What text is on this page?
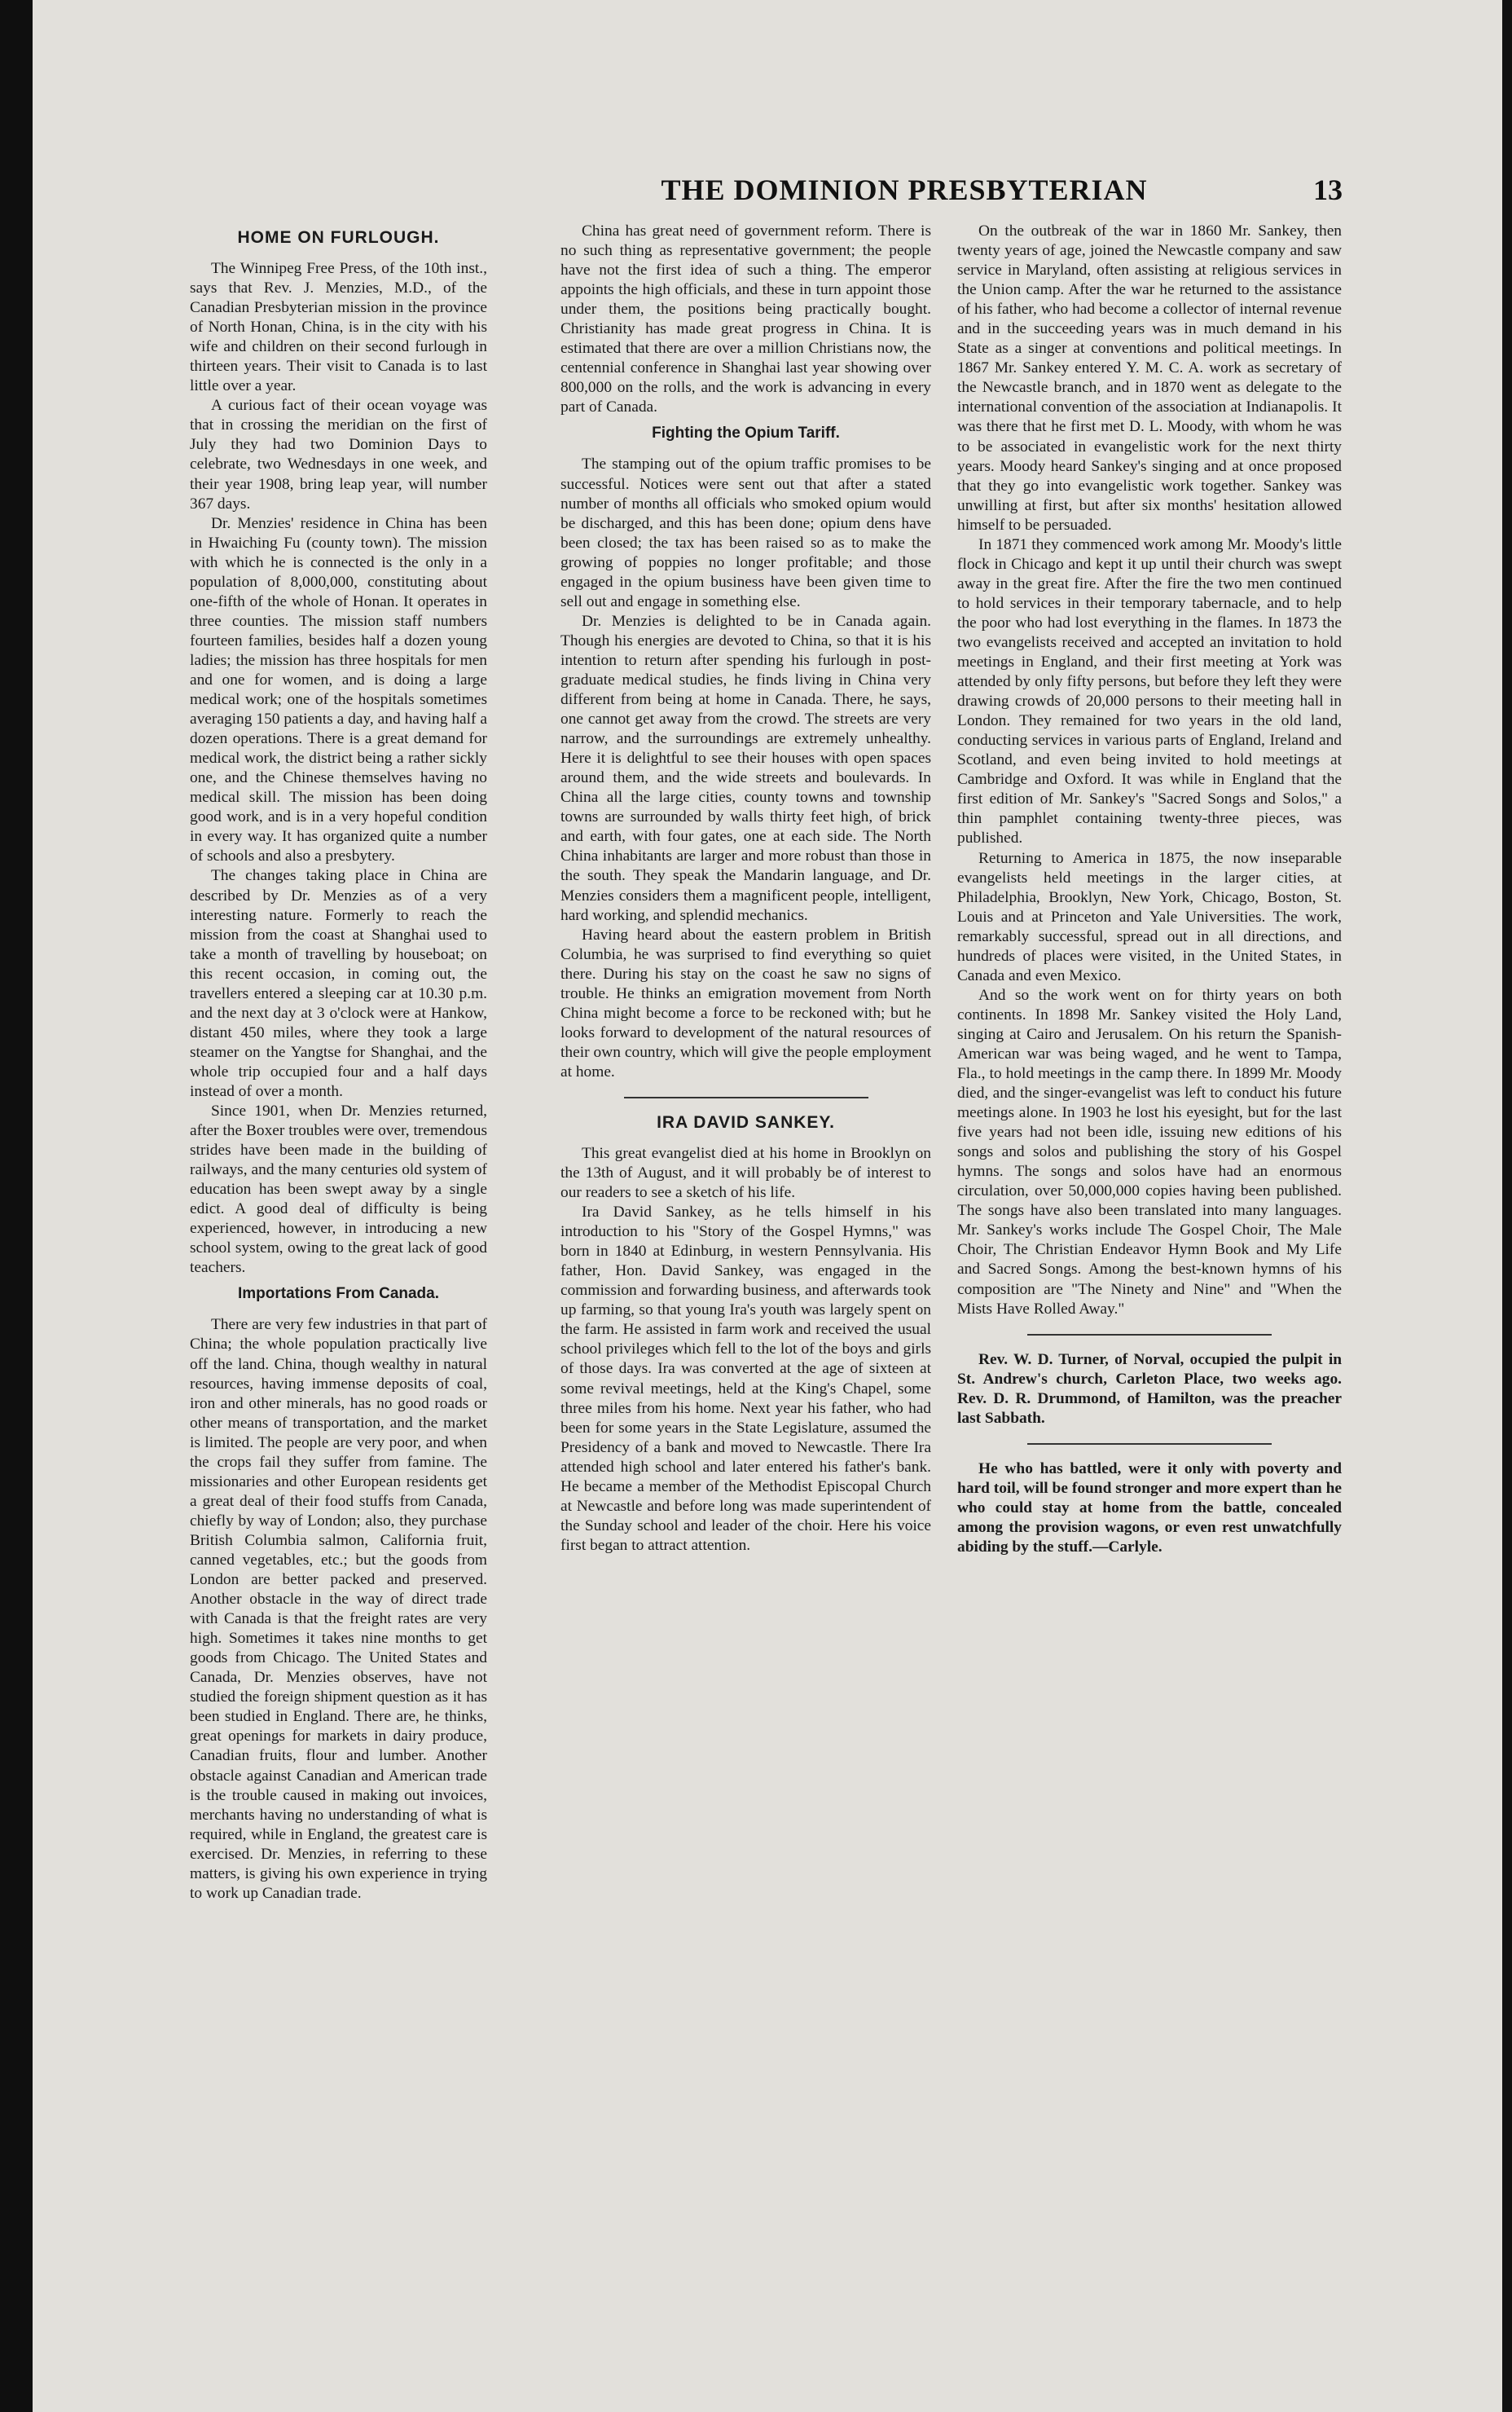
THE DOMINION PRESBYTERIAN	13

HOME ON FURLOUGH.

The Winnipeg Free Press, of the 10th inst., says that Rev. J. Menzies, M.D., of the Canadian Presbyterian mission in the province of North Honan, China, is in the city with his wife and children on their second furlough in thirteen years. Their visit to Canada is to last little over a year.

A curious fact of their ocean voyage was that in crossing the meridian on the first of July they had two Dominion Days to celebrate, two Wednesdays in one week, and their year 1908, bring leap year, will number 367 days.

Dr. Menzies' residence in China has been in Hwaiching Fu (county town). The mission with which he is connected is the only in a population of 8,000,000, constituting about one-fifth of the whole of Honan. It operates in three counties. The mission staff numbers fourteen families, besides half a dozen young ladies; the mission has three hospitals for men and one for women, and is doing a large medical work; one of the hospitals sometimes averaging 150 patients a day, and having half a dozen operations. There is a great demand for medical work, the district being a rather sickly one, and the Chinese themselves having no medical skill. The mission has been doing good work, and is in a very hopeful condition in every way. It has organized quite a number of schools and also a presbytery.

The changes taking place in China are described by Dr. Menzies as of a very interesting nature. Formerly to reach the mission from the coast at Shanghai used to take a month of travelling by houseboat; on this recent occasion, in coming out, the travellers entered a sleeping car at 10.30 p.m. and the next day at 3 o'clock were at Hankow, distant 450 miles, where they took a large steamer on the Yangtse for Shanghai, and the whole trip occupied four and a half days instead of over a month.

Since 1901, when Dr. Menzies returned, after the Boxer troubles were over, tremendous strides have been made in the building of railways, and the many centuries old system of education has been swept away by a single edict. A good deal of difficulty is being experienced, however, in introducing a new school system, owing to the great lack of good teachers.

Importations From Canada.

There are very few industries in that part of China; the whole population practically live off the land. China, though wealthy in natural resources, having immense deposits of coal, iron and other minerals, has no good roads or other means of transportation, and the market is limited. The people are very poor, and when the crops fail they suffer from famine. The missionaries and other European residents get a great deal of their food stuffs from Canada, chiefly by way of London; also, they purchase British Columbia salmon, California fruit, canned vegetables, etc.; but the goods from London are better packed and preserved. Another obstacle in the way of direct trade with Canada is that the freight rates are very high. Sometimes it takes nine months to get goods from Chicago. The United States and Canada, Dr. Menzies observes, have not studied the foreign shipment question as it has been studied in England. There are, he thinks, great openings for markets in dairy produce, Canadian fruits, flour and lumber. Another obstacle against Canadian and American trade is the trouble caused in making out invoices, merchants having no understanding of what is required, while in England, the greatest care is exercised. Dr. Menzies, in referring to these matters, is giving his own experience in trying to work up Canadian trade.

China has great need of government reform. There is no such thing as representative government; the people have not the first idea of such a thing. The emperor appoints the high officials, and these in turn appoint those under them, the positions being practically bought. Christianity has made great progress in China. It is estimated that there are over a million Christians now, the centennial conference in Shanghai last year showing over 800,000 on the rolls, and the work is advancing in every part of Canada.

Fighting the Opium Tariff.

The stamping out of the opium traffic promises to be successful. Notices were sent out that after a stated number of months all officials who smoked opium would be discharged, and this has been done; opium dens have been closed; the tax has been raised so as to make the growing of poppies no longer profitable; and those engaged in the opium business have been given time to sell out and engage in something else.

Dr. Menzies is delighted to be in Canada again. Though his energies are devoted to China, so that it is his intention to return after spending his furlough in post-graduate medical studies, he finds living in China very different from being at home in Canada. There, he says, one cannot get away from the crowd. The streets are very narrow, and the surroundings are extremely unhealthy. Here it is delightful to see their houses with open spaces around them, and the wide streets and boulevards. In China all the large cities, county towns and township towns are surrounded by walls thirty feet high, of brick and earth, with four gates, one at each side. The North China inhabitants are larger and more robust than those in the south. They speak the Mandarin language, and Dr. Menzies considers them a magnificent people, intelligent, hard working, and splendid mechanics.

Having heard about the eastern problem in British Columbia, he was surprised to find everything so quiet there. During his stay on the coast he saw no signs of trouble. He thinks an emigration movement from North China might become a force to be reckoned with; but he looks forward to development of the natural resources of their own country, which will give the people employment at home.

IRA DAVID SANKEY.

This great evangelist died at his home in Brooklyn on the 13th of August, and it will probably be of interest to our readers to see a sketch of his life.

Ira David Sankey, as he tells himself in his introduction to his "Story of the Gospel Hymns," was born in 1840 at Edinburg, in western Pennsylvania. His father, Hon. David Sankey, was engaged in the commission and forwarding business, and afterwards took up farming, so that young Ira's youth was largely spent on the farm. He assisted in farm work and received the usual school privileges which fell to the lot of the boys and girls of those days. Ira was converted at the age of sixteen at some revival meetings, held at the King's Chapel, some three miles from his home. Next year his father, who had been for some years in the State Legislature, assumed the Presidency of a bank and moved to Newcastle. There Ira attended high school and later entered his father's bank. He became a member of the Methodist Episcopal Church at Newcastle and before long was made superintendent of the Sunday school and leader of the choir. Here his voice first began to attract attention.

On the outbreak of the war in 1860 Mr. Sankey, then twenty years of age, joined the Newcastle company and saw service in Maryland, often assisting at religious services in the Union camp. After the war he returned to the assistance of his father, who had become a collector of internal revenue and in the succeeding years was in much demand in his State as a singer at conventions and political meetings. In 1867 Mr. Sankey entered Y. M. C. A. work as secretary of the Newcastle branch, and in 1870 went as delegate to the international convention of the association at Indianapolis. It was there that he first met D. L. Moody, with whom he was to be associated in evangelistic work for the next thirty years. Moody heard Sankey's singing and at once proposed that they go into evangelistic work together. Sankey was unwilling at first, but after six months' hesitation allowed himself to be persuaded.

In 1871 they commenced work among Mr. Moody's little flock in Chicago and kept it up until their church was swept away in the great fire. After the fire the two men continued to hold services in their temporary tabernacle, and to help the poor who had lost everything in the flames. In 1873 the two evangelists received and accepted an invitation to hold meetings in England, and their first meeting at York was attended by only fifty persons, but before they left they were drawing crowds of 20,000 persons to their meeting hall in London. They remained for two years in the old land, conducting services in various parts of England, Ireland and Scotland, and even being invited to hold meetings at Cambridge and Oxford. It was while in England that the first edition of Mr. Sankey's "Sacred Songs and Solos," a thin pamphlet containing twenty-three pieces, was published.

Returning to America in 1875, the now inseparable evangelists held meetings in the larger cities, at Philadelphia, Brooklyn, New York, Chicago, Boston, St. Louis and at Princeton and Yale Universities. The work, remarkably successful, spread out in all directions, and hundreds of places were visited, in the United States, in Canada and even Mexico.

And so the work went on for thirty years on both continents. In 1898 Mr. Sankey visited the Holy Land, singing at Cairo and Jerusalem. On his return the Spanish-American war was being waged, and he went to Tampa, Fla., to hold meetings in the camp there. In 1899 Mr. Moody died, and the singer-evangelist was left to conduct his future meetings alone. In 1903 he lost his eyesight, but for the last five years had not been idle, issuing new editions of his songs and solos and publishing the story of his Gospel hymns. The songs and solos have had an enormous circulation, over 50,000,000 copies having been published. The songs have also been translated into many languages. Mr. Sankey's works include The Gospel Choir, The Male Choir, The Christian Endeavor Hymn Book and My Life and Sacred Songs. Among the best-known hymns of his composition are "The Ninety and Nine" and "When the Mists Have Rolled Away."

Rev. W. D. Turner, of Norval, occupied the pulpit in St. Andrew's church, Carleton Place, two weeks ago. Rev. D. R. Drummond, of Hamilton, was the preacher last Sabbath.

He who has battled, were it only with poverty and hard toil, will be found stronger and more expert than he who could stay at home from the battle, concealed among the provision wagons, or even rest unwatchfully abiding by the stuff.—Carlyle.
